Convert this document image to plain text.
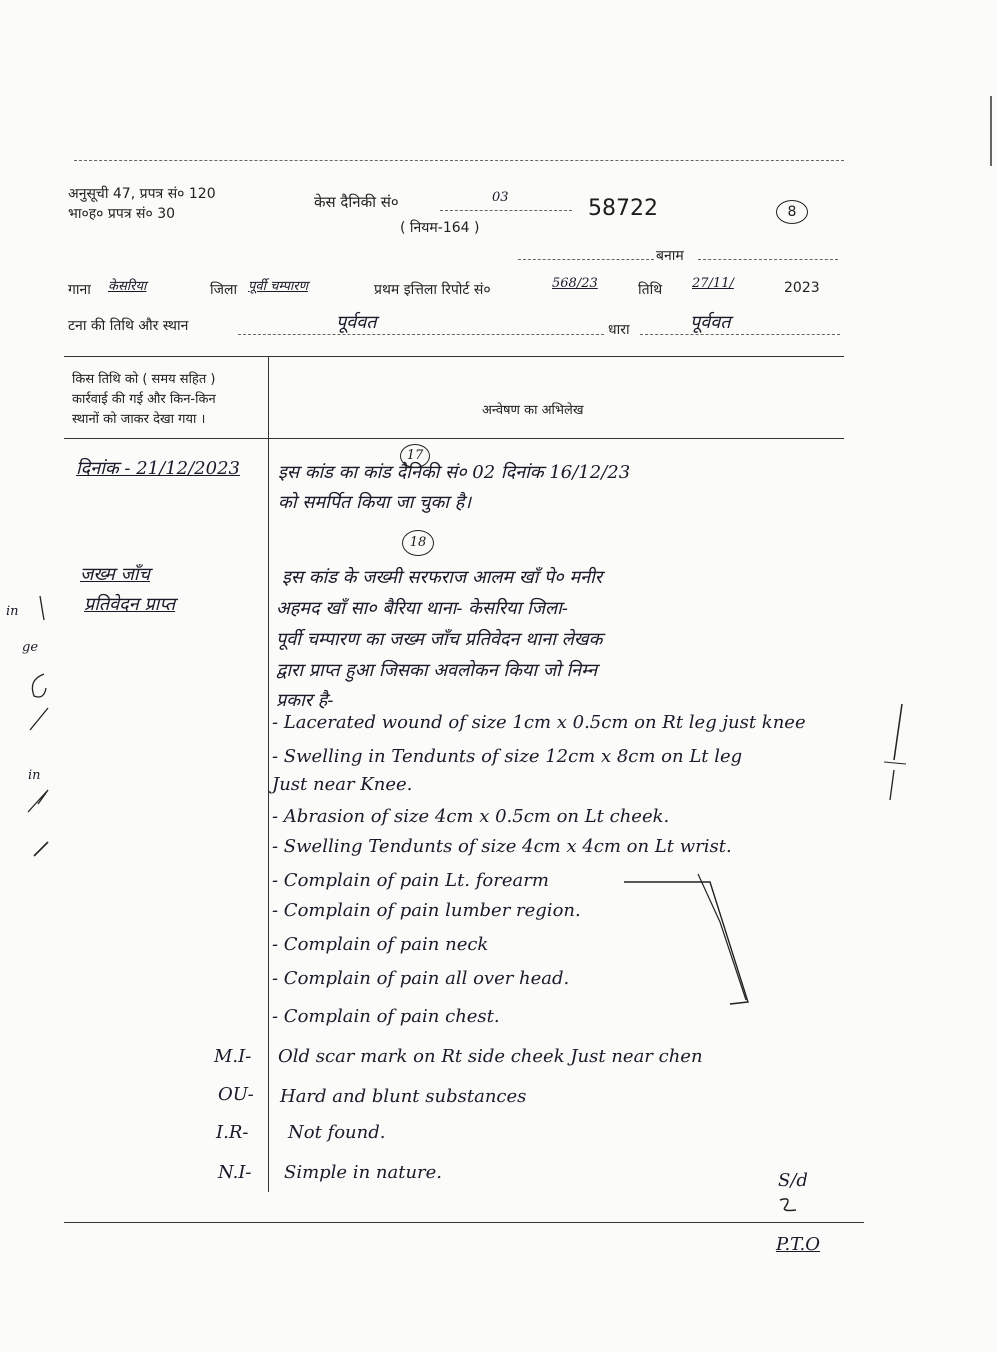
अनुसूची 47, प्रपत्र सं० 120
भा०ह० प्रपत्र सं० 30
केस दैनिकी सं०	03
( नियम-164 )
58722	8
बनाम
गाना केसरिया	जिला पूर्वी चम्पारण	प्रथम इत्तिला रिपोर्ट सं०	568/23	तिथि 27/11/	2023
टना की तिथि और स्थान	पूर्ववत	धारा	पूर्ववत
किस तिथि को ( समय सहित )
कार्रवाई की गई और किन-किन
स्थानों को जाकर देखा गया ।
अन्वेषण का अभिलेख
17
दिनांक - 21/12/2023 इस कांड का कांड दैनिकी सं० 02 दिनांक 16/12/23
को समर्पित किया जा चुका है।
18
जख्म जाँच
प्रतिवेदन प्राप्त
इस कांड के जख्मी सरफराज आलम खाँ पे० मनीर
अहमद खाँ सा० बैरिया थाना- केसरिया जिला-
पूर्वी चम्पारण का जख्म जाँच प्रतिवेदन थाना लेखक
द्वारा प्राप्त हुआ जिसका अवलोकन किया जो निम्न
प्रकार है-
- Lacerated wound of size 1cm x 0.5cm on Rt leg just knee
- Swelling in Tendunts of size 12cm x 8cm on Lt leg
Just near Knee.
- Abrasion of size 4cm x 0.5cm on Lt cheek.
- Swelling Tendunts of size 4cm x 4cm on Lt wrist.
- Complain of pain Lt. forearm
- Complain of pain lumber region.
- Complain of pain neck
- Complain of pain all over head.
- Complain of pain chest.
M.I- Old scar mark on Rt side cheek Just near chen
OU- Hard and blunt substances
I.R- Not found.
N.I- Simple in nature.	S/d
P.T.O
in
ge
in
